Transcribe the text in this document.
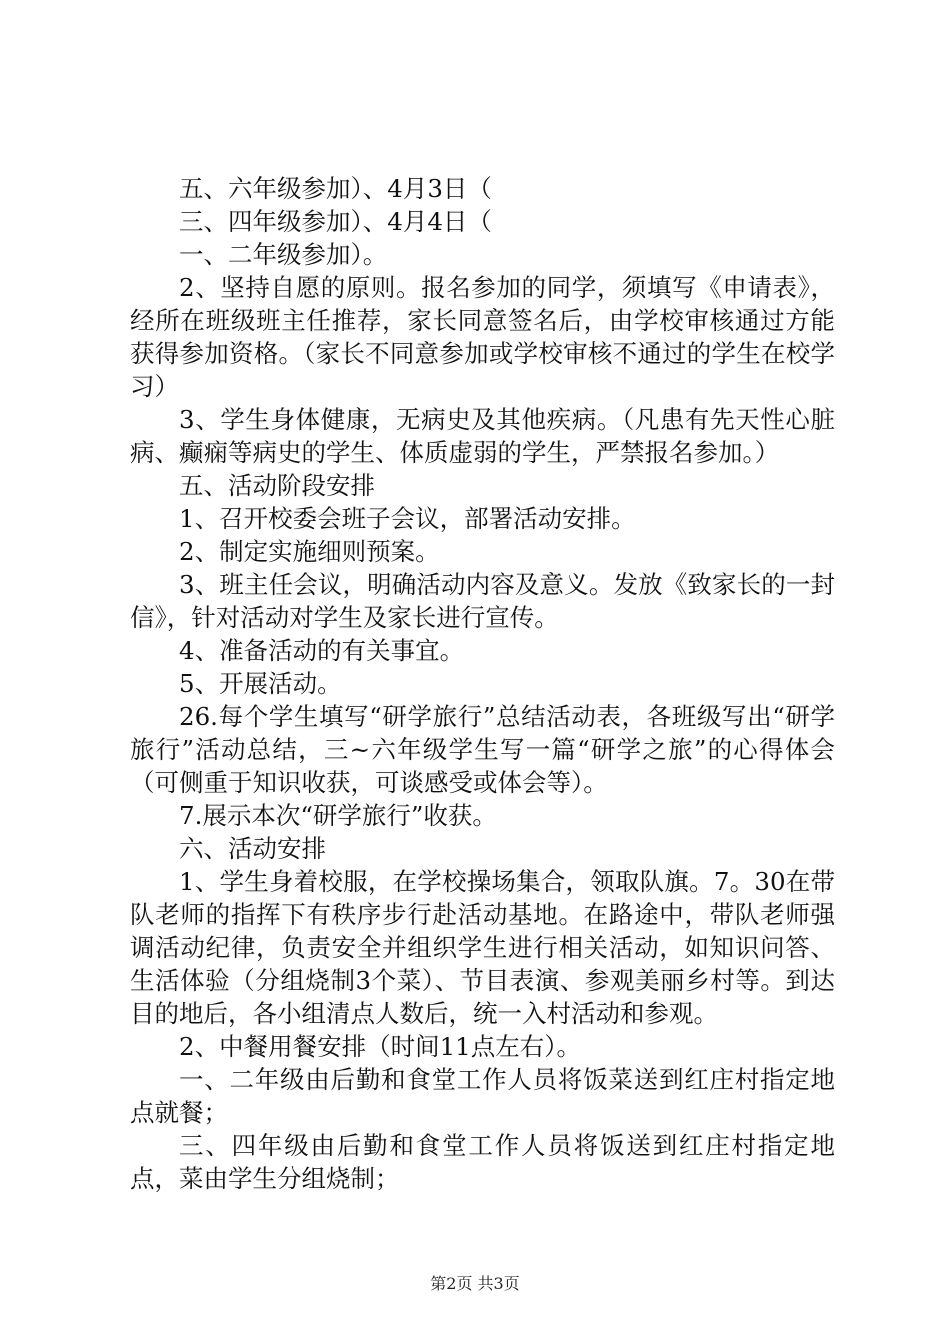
五、六年级参加）、4月3日（

三、四年级参加）、4月4日（

一、二年级参加）。

2、坚持自愿的原则。报名参加的同学，须填写《申请表》，经所在班级班主任推荐，家长同意签名后，由学校审核通过方能获得参加资格。（家长不同意参加或学校审核不通过的学生在校学习）

3、学生身体健康，无病史及其他疾病。（凡患有先天性心脏病、癫痫等病史的学生、体质虚弱的学生，严禁报名参加。）

五、活动阶段安排

1、召开校委会班子会议，部署活动安排。

2、制定实施细则预案。

3、班主任会议，明确活动内容及意义。发放《致家长的一封信》，针对活动对学生及家长进行宣传。

4、准备活动的有关事宜。

5、开展活动。

26.每个学生填写“研学旅行”总结活动表，各班级写出“研学旅行”活动总结，三~六年级学生写一篇“研学之旅”的心得体会（可侧重于知识收获，可谈感受或体会等）。

7.展示本次“研学旅行”收获。

六、活动安排

1、学生身着校服，在学校操场集合，领取队旗。7。30在带队老师的指挥下有秩序步行赴活动基地。在路途中，带队老师强调活动纪律，负责安全并组织学生进行相关活动，如知识问答、生活体验（分组烧制3个菜）、节目表演、参观美丽乡村等。到达目的地后，各小组清点人数后，统一入村活动和参观。

2、中餐用餐安排（时间11点左右）。

一、二年级由后勤和食堂工作人员将饭菜送到红庄村指定地点就餐；

三、四年级由后勤和食堂工作人员将饭送到红庄村指定地点，菜由学生分组烧制；

第2页 共3页
